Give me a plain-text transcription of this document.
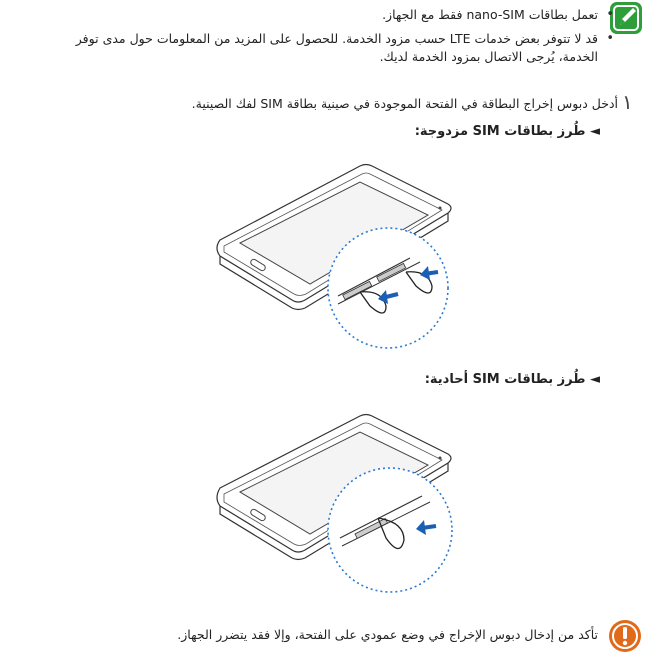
•
تعمل بطاقات nano-SIM فقط مع الجهاز.
•
قد لا تتوفر بعض خدمات LTE حسب مزود الخدمة. للحصول على المزيد من المعلومات حول مدى توفر
الخدمة، يُرجى الاتصال بمزود الخدمة لديك.
١
أدخل دبوس إخراج البطاقة في الفتحة الموجودة في صينية بطاقة SIM لفك الصينية.
◄ طُرز بطاقات SIM مزدوجة:
◄ طُرز بطاقات SIM أحادية:
تأكد من إدخال دبوس الإخراج في وضع عمودي على الفتحة، وإلا فقد يتضرر الجهاز.
